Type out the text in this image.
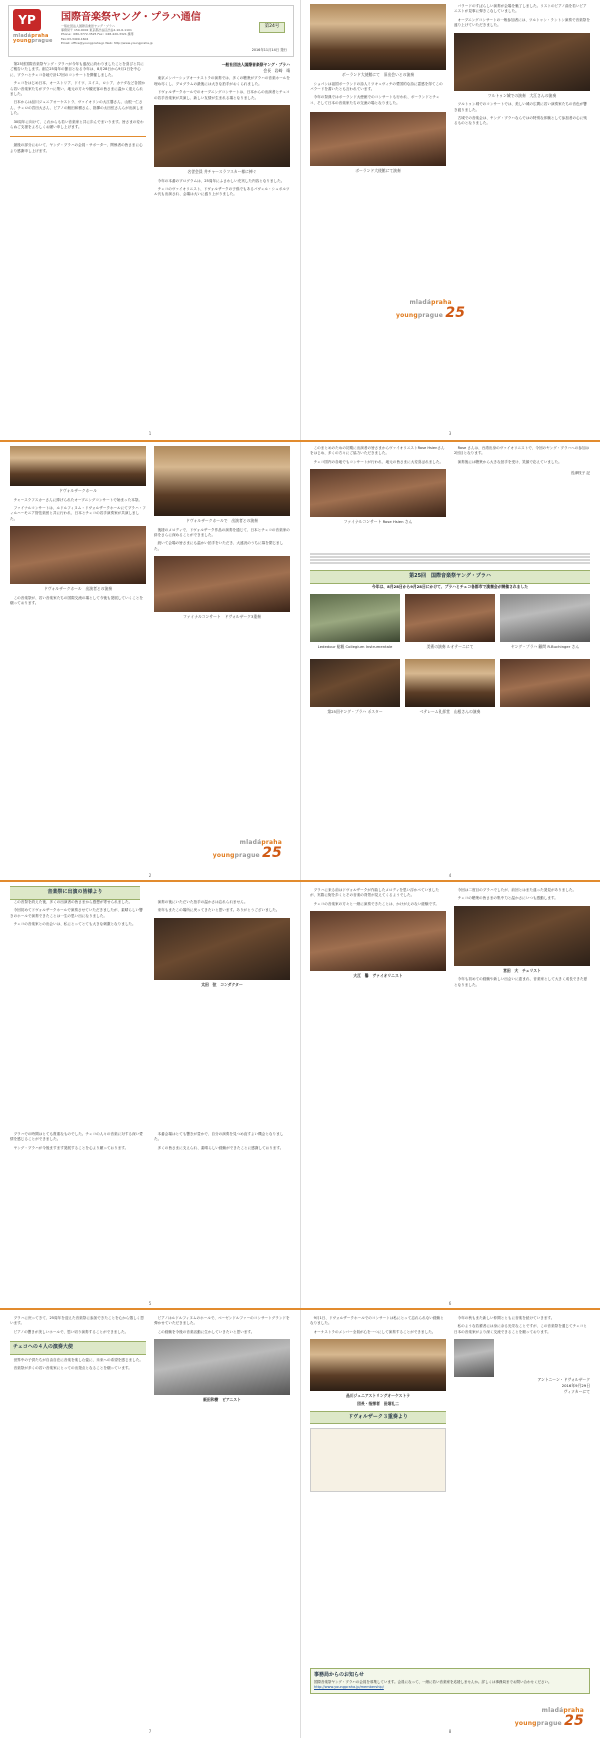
YP
mladápraha
youngprague
国際音楽祭ヤング・プラハ通信
第24号
一般社団法人国際音楽祭ヤング・プラハ
事務局〒 150-0002 東京都渋谷区渋谷2-10-6-1101
Phone：080-3772-3525 Fax：048-420-3321 携帯
Fax:03-3499-1604
Email: office@youngpraha.jp Web: http://www.youngpraha.jp
2016年11月14日 発行

第25回国際音楽祭ヤング・プラハが今年も盛況に終わりましたことを喜びと共にご報告いたします。創立25周年の節目となる今年は、8月28日から9月1日を中心に、プラハとチェコ各地で計17回のコンサートを開催しました。

チェコをはじめ日本、オーストリア、ドイツ、スイス、ロシア、カナダなど各国から若い音楽家たちがプラハに集い、地元の方々や観光客の皆さまに温かく迎えられました。

日本からは品川ジュニアオーケストラ、ヴァイオリンの大江馨さん、山根一仁さん、チェロの宮田大さん、ピアノの飯田和樹さん、指揮の太田弦さんらが出演しました。

30周年に向けて、これからも若い音楽家と共に歩んでまいります。皆さまの変わらぬご支援をよろしくお願い申し上げます。

最後の部分において、ヤング・プラハの会員・サポーター、関係者の皆さまに心より感謝申し上げます。

一般社団法人国際音楽祭ヤング・プラハ
会長　岩崎　靖

東京メンバーシップオーケストラの演奏では、多くの聴衆がプラハの音楽ホールを埋め尽くし、プログラムの最後には大きな拍手がおくられました。

ドヴォルザークホールでのオープニングコンサートは、日本からの出演者とチェコの若手音楽家が共演し、新しい友情が生まれる場となりました。

名誉会員 井チャースラフスカー様に捧ぐ

今年の本番のプログラムは、25周年にふさわしい充実した内容となりました。

チェコのヴァイオリニスト、ドヴォルザークの子孫でもあるパヴェル・シュポルツル氏も出演され、会場は大いに盛り上がりました。

1
ドヴォルザークホール

チャースラフスカーさんに捧げられたオープニングコンサートで始まった本祭。

ファイナルコンサートは、ルドルフィヌム・ドヴォルザークホールにてプラハ・フィルハーモニア管弦楽団と共に行われ、日本とチェコの若手演奏家が共演しました。

ドヴォルザークホール　出演者との演奏

この音楽祭が、若い音楽家たちの国際交流の場として今後も発展していくことを願っております。

ドヴォルザークホールで　出演者との演奏

後援のメロディで、ドヴォルザーク作品の演奏を通じて、日本とチェコの音楽家の絆をさらに深めることができました。

続いて会場の皆さまにも温かい拍手をいただき、大盛況のうちに幕を閉じました。

ファイナルコンサート　ドヴォルザーク3重奏
mladápraha
youngprague 25
2
ボーランド大使館にて　旧出会いとの演奏

ショパンは祖国ポーランドの詩人ミツキェヴィチの愛国的な詩に霊感を得てこのバラードを書いたとも言われています。

今年の祭典ではポーランド大使館でのコンサートも行われ、ポーランドとチェコ、そして日本の音楽家たちの交流の場となりました。

ボーランド大使館にて演奏

バラードのすばらしい演奏が会場を魅了しました。リストのピアノ曲を若いピアニストが見事に弾きこなしていました。

オープニングコンサートの一般参加者には、ツルトゥン・ラントン演奏で音楽祭を盛り上げていただきました。

ツルトゥン城での演奏　大江さんの演奏

ツルトゥン城でのコンサートでは、美しい城の広間に若い演奏家たちの音色が響き渡りました。

古城での音楽会は、ヤング・プラハならではの特別な体験として参加者の心に残るものとなりました。

mladápraha
youngprague 25
3

このまとめのための初期に出演者の皆さまからヴァイオリニストRose Hsienさんをはじめ、多くの方々にご協力いただきました。

チェコ国内の各地でもコンサートが行われ、地元の皆さまに大変喜ばれました。

ファイナルコンサート Rose Hsien さん

Rose さんは、台湾出身のヴァイオリニストで、今回のヤング・プラハへの参加は2回目となります。

演奏後には聴衆から大きな拍手を受け、笑顔で応えていました。

長津枝子 記
第25回　国際音楽祭ヤング・プラハ
今年は、8月28日から9月28日にかけて、プラハとチェコ各都市で演奏会が開催されました
Lededour 総観 Collegium Instrumentale	美術の演奏 ルオテーニにて	ヤング・プラハ 顧問 R.Buchinger さん
第25回ヤング・プラハ ポスター	ベテレーム礼拝堂　山根さんの演奏
4
音楽祭に出演の皆様より

この音祭を終えた後、多くの出演者の皆さまから感想が寄せられました。

今回初めてドヴォルザークホールで演奏させていただきましたが、素晴らしい響きのホールで演奏できたことは一生の思い出になりました。

チェコの音楽家との出会いは、私にとってとても大きな刺激となりました。

演奏の後にいただいた拍手の温かさは忘れられません。

来年もまたこの場所に戻ってきたいと思います。ありがとうございました。

太田　弦　コンダクター

プラハでの時間はとても貴重なものでした。チェコの人々の音楽に対する深い愛情を感じることができました。

ヤング・プラハが今後ますます発展することを心より願っております。

本番会場はとても響きが豊かで、自分の演奏を見つめ直すよい機会となりました。

多くの皆さまに支えられ、素晴らしい経験ができたことに感謝しております。

5

プラハに来る前はドヴォルザークが作曲したメロディを思い浮かべていましたが、実際に街を歩くとその音楽の背景が見えてくるようでした。

チェコの音楽家の方々と一緒に演奏できたことは、かけがえのない経験です。

大江　馨　ヴァイオリニスト

今回は二度目のプラハでしたが、前回とはまた違った発見がありました。

チェコの聴衆の皆さまの集中力と温かさにいつも感動します。

宮田　大　チェリスト

今年も初めての経験や新しい出会いに恵まれ、音楽家として大きく成長できた夏となりました。

6

プラハに戻ってきて、25周年を迎えた音楽祭に参加できたことを心から嬉しく思います。

ピアノの響きが美しいホールで、思い切り演奏することができました。

チェコへの４人の演奏大使

世界中の子供たちが自由自在に音楽を楽しむ姿に、未来への希望を感じました。

音楽祭が多くの若い音楽家にとっての出発点となることを願っています。

ピアノはルドルフィヌムのホールで、ベーゼンドルファーのコンサートグランドを弾かせていただきました。

この経験を今後の音楽活動に生かしていきたいと思います。

飯田和樹　ピアニスト
7

9月1日、ドヴォルザークホールでのコンサートは私にとって忘れられない経験となりました。

オーケストラのメンバー全員が心を一つにして演奏することができました。

品川ジュニアストリングオーケストラ
団長・指揮者　田畑礼二
ドヴォルザーク３重奏より

今年の秋もまた新しい仲間とともに音楽を続けていきます。

私のような若輩者には身に余る光栄なことですが、この音楽祭を通じてチェコと日本の音楽家がより深く交流できることを願っております。

アントニーン・ドヴォルザーク
2016年9月29日
ヴィソカーにて
事務局からのお知らせ
国際音楽祭ヤング・プラハの会員を募集しています。会員になって、一緒に若い音楽家を応援しませんか。詳しくは事務局までお問い合わせください。
http://www.youngpraha.jp/membership/
mladápraha
youngprague 25
8
